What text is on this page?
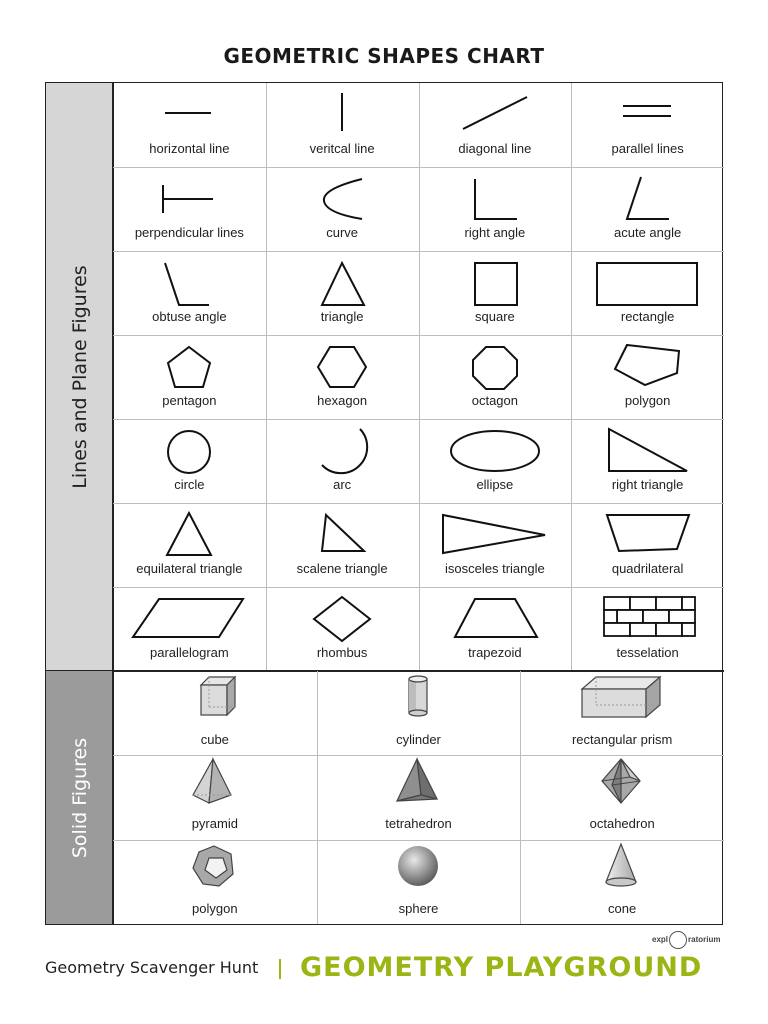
GEOMETRIC SHAPES CHART
Lines and Plane Figures
Solid Figures
horizontal line	veritcal line	diagonal line	parallel lines
perpendicular lines	curve	right angle	acute angle
obtuse angle	triangle	square	rectangle
pentagon	hexagon	octagon	polygon
circle	arc	ellipse	right triangle
equilateral triangle	scalene triangle	isosceles triangle	quadrilateral
parallelogram	rhombus	trapezoid	tesselation
cube	cylinder	rectangular prism
pyramid	tetrahedron	octahedron
polygon	sphere	cone
Geometry Scavenger Hunt GEOMETRY PLAYGROUND
expl	ratorium
